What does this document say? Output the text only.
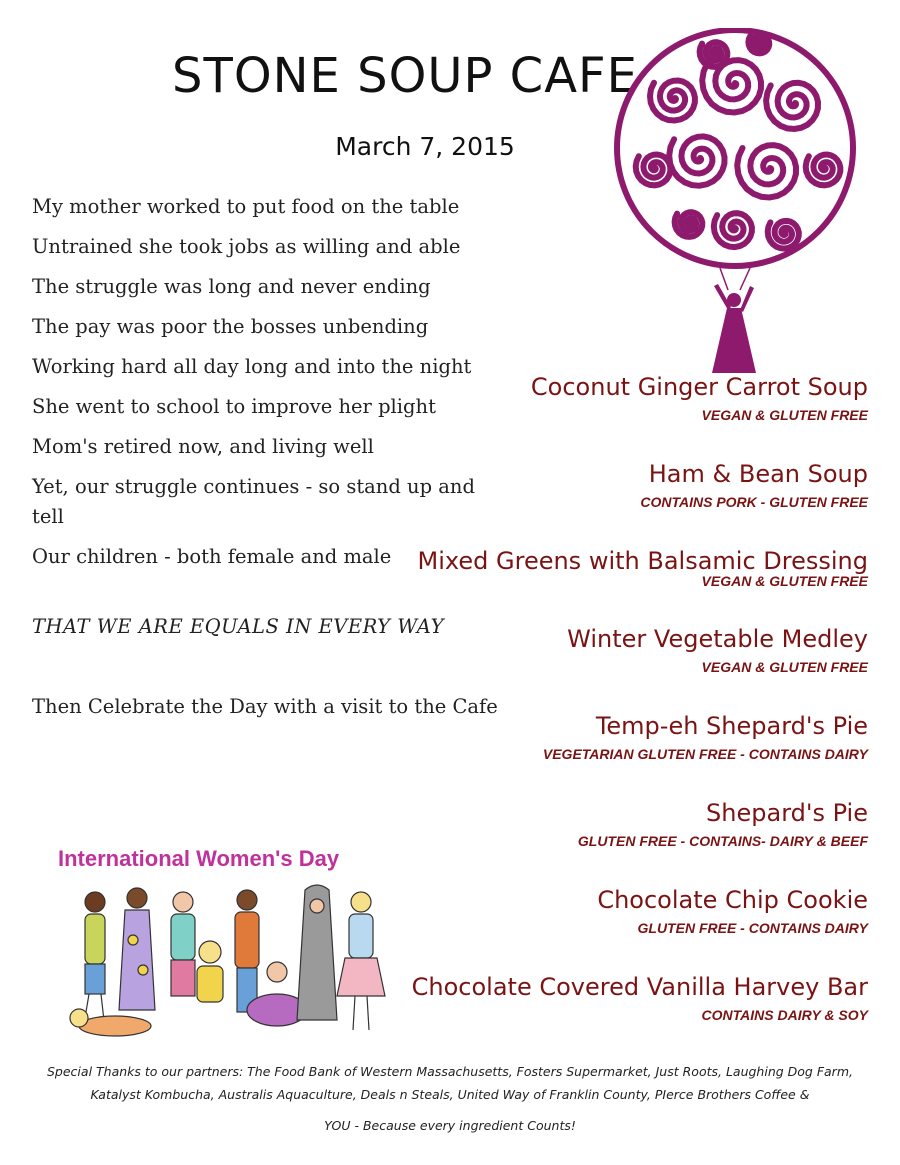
STONE SOUP CAFE
March 7, 2015
My mother worked to put food on the table
Untrained she took jobs as willing and able
The struggle was long and never ending
The pay was poor the bosses unbending
Working hard all day long and into the night
She went to school to improve her plight
Mom's retired now, and living well
Yet, our struggle continues - so stand up and tell
Our children - both female and male
THAT WE ARE EQUALS IN EVERY WAY
Then Celebrate the Day with a visit to the Cafe
Coconut Ginger Carrot Soup
VEGAN & GLUTEN FREE
Ham & Bean Soup
CONTAINS PORK - GLUTEN FREE
Mixed Greens with Balsamic Dressing
VEGAN & GLUTEN FREE
Winter Vegetable Medley
VEGAN & GLUTEN FREE
Temp-eh Shepard's Pie
VEGETARIAN GLUTEN FREE - CONTAINS DAIRY
Shepard's Pie
GLUTEN FREE - CONTAINS- DAIRY & BEEF
Chocolate Chip Cookie
GLUTEN FREE - CONTAINS DAIRY
Chocolate Covered Vanilla Harvey Bar
CONTAINS DAIRY & SOY
International Women's Day
Special Thanks to our partners: The Food Bank of Western Massachusetts, Fosters Supermarket, Just Roots, Laughing Dog Farm,
Katalyst Kombucha, Australis Aquaculture, Deals n Steals, United Way of Franklin County, PIerce Brothers Coffee &
YOU - Because every ingredient Counts!
